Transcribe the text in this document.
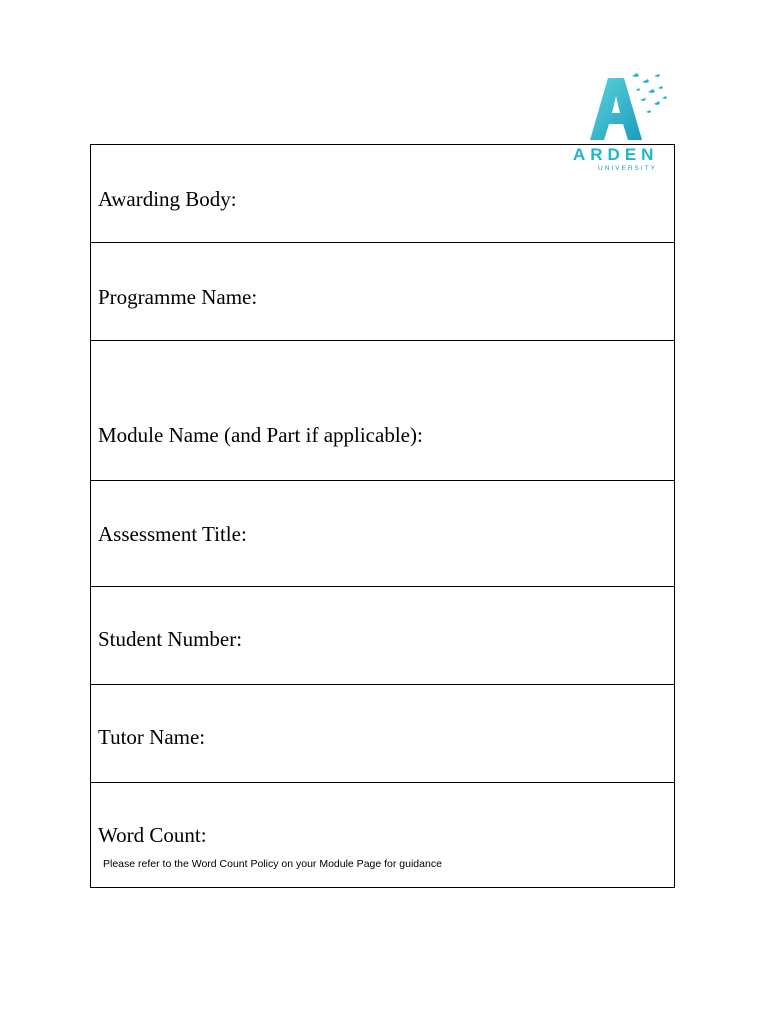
ARDEN
UNIVERSITY
Awarding Body:
Programme Name:
Module Name (and Part if applicable):
Assessment Title:
Student Number:
Tutor Name:
Word Count:
Please refer to the Word Count Policy on your Module Page for guidance
